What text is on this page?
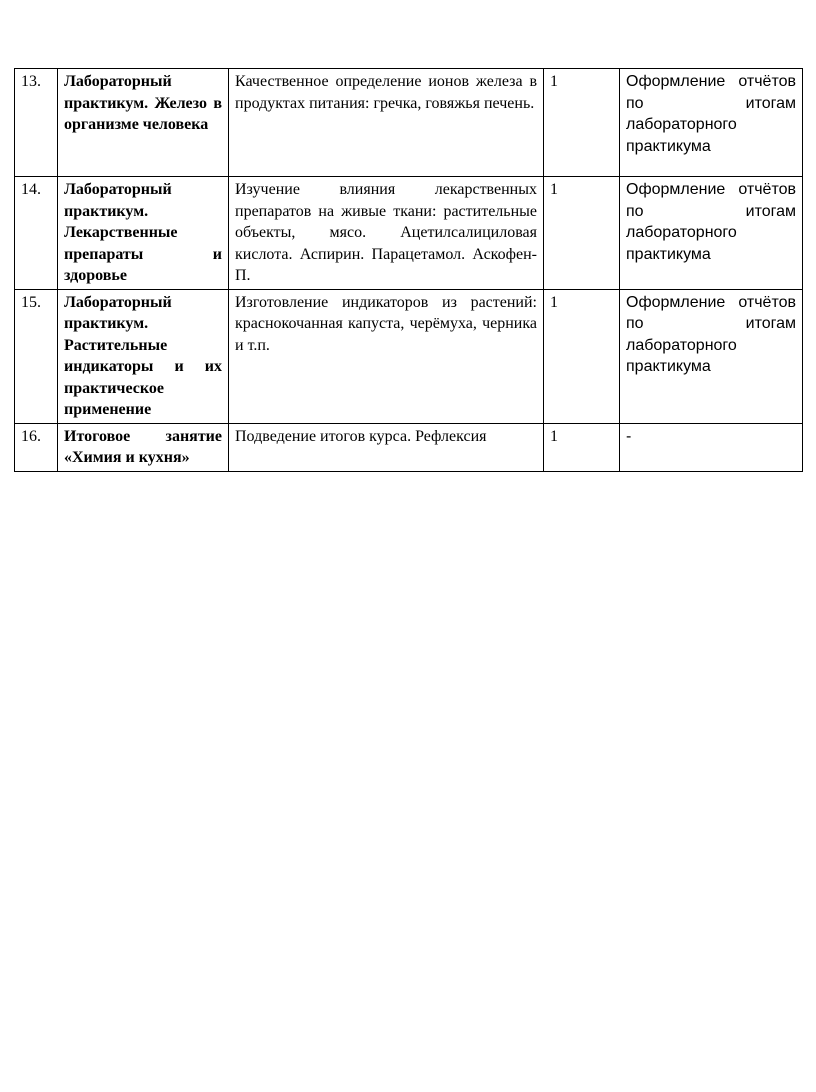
13.	Лабораторный практикум. Железо в организме человека	Качественное определение ионов железа в продуктах питания: гречка, говяжья печень.	1	Оформление отчётов по итогам лабораторного практикума
14.	Лабораторный практикум. Лекарственные препараты и здоровье	Изучение влияния лекарственных препаратов на живые ткани: растительные объекты, мясо. Ацетилсалициловая кислота. Аспирин. Парацетамол. Аскофен-П.	1	Оформление отчётов по итогам лабораторного практикума
15.	Лабораторный практикум. Растительные индикаторы и их практическое применение	Изготовление индикаторов из растений: краснокочанная капуста, черёмуха, черника и т.п.	1	Оформление отчётов по итогам лабораторного практикума
16.	Итоговое занятие «Химия и кухня»	Подведение итогов курса. Рефлексия	1	-
